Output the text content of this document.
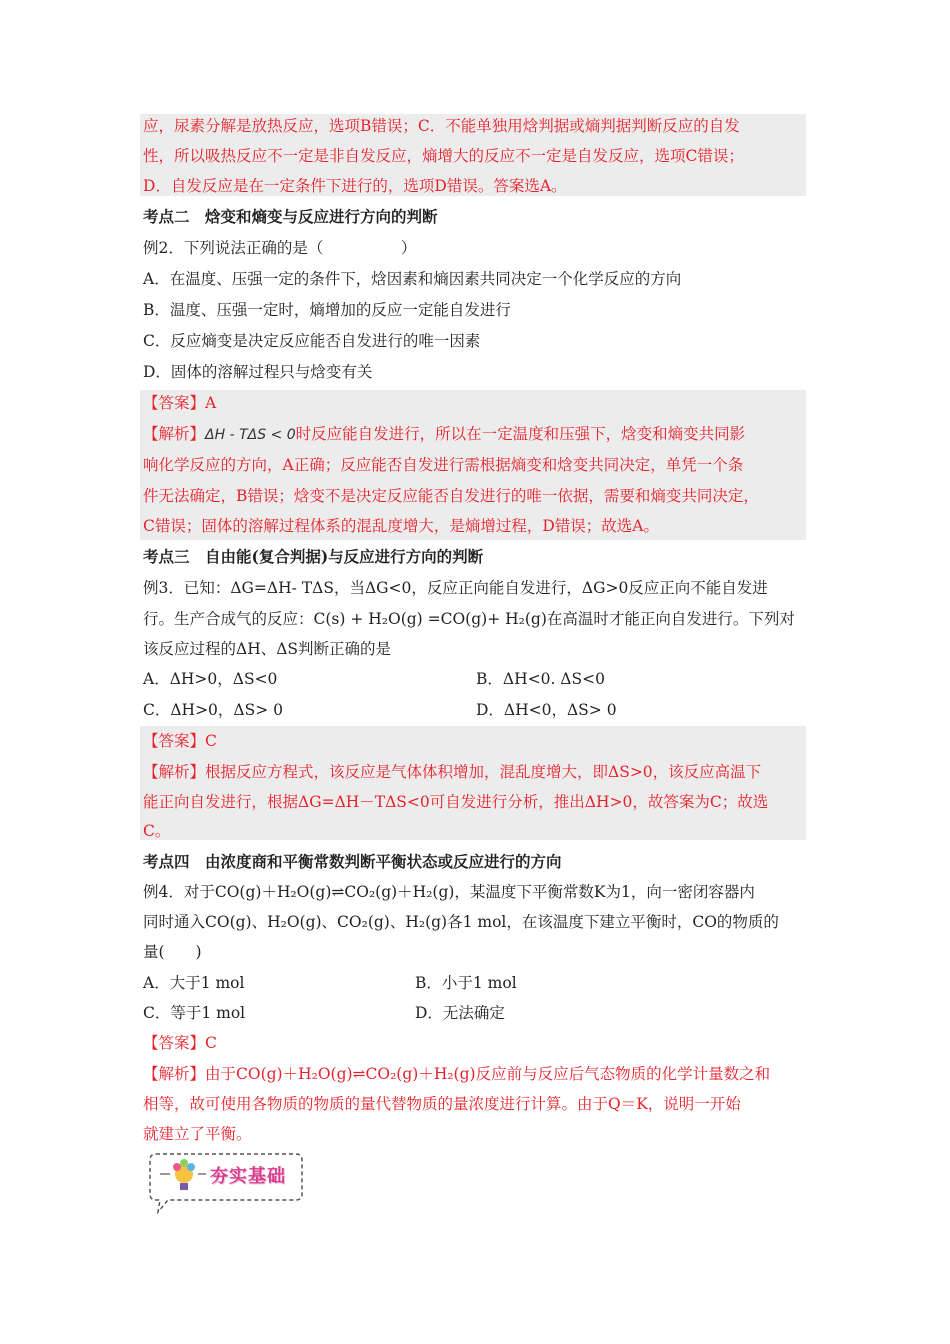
应，尿素分解是放热反应，选项B错误；C．不能单独用焓判据或熵判据判断反应的自发
性，所以吸热反应不一定是非自发反应，熵增大的反应不一定是自发反应，选项C错误；
D．自发反应是在一定条件下进行的，选项D错误。答案选A。
考点二　焓变和熵变与反应进行方向的判断
例2．下列说法正确的是（　　　　　）
A．在温度、压强一定的条件下，焓因素和熵因素共同决定一个化学反应的方向
B．温度、压强一定时，熵增加的反应一定能自发进行
C．反应熵变是决定反应能否自发进行的唯一因素
D．固体的溶解过程只与焓变有关
【答案】A
【解析】ΔH - TΔS < 0时反应能自发进行，所以在一定温度和压强下，焓变和熵变共同影
响化学反应的方向，A正确；反应能否自发进行需根据熵变和焓变共同决定，单凭一个条
件无法确定，B错误；焓变不是决定反应能否自发进行的唯一依据，需要和熵变共同决定，
C错误；固体的溶解过程体系的混乱度增大，是熵增过程，D错误；故选A。
考点三　自由能(复合判据)与反应进行方向的判断
例3．已知：ΔG=ΔH- TΔS，当ΔG<0，反应正向能自发进行，ΔG>0反应正向不能自发进
行。生产合成气的反应：C(s) + H₂O(g) =CO(g)+ H₂(g)在高温时才能正向自发进行。下列对
该反应过程的ΔH、ΔS判断正确的是
A．ΔH>0，ΔS<0	B．ΔH<0. ΔS<0
C．ΔH>0，ΔS> 0	D．ΔH<0，ΔS> 0
【答案】C
【解析】根据反应方程式，该反应是气体体积增加，混乱度增大，即ΔS>0，该反应高温下
能正向自发进行，根据ΔG=ΔH－TΔS<0可自发进行分析，推出ΔH>0，故答案为C；故选
C。
考点四　由浓度商和平衡常数判断平衡状态或反应进行的方向
例4．对于CO(g)＋H₂O(g)⇌CO₂(g)＋H₂(g)，某温度下平衡常数K为1，向一密闭容器内
同时通入CO(g)、H₂O(g)、CO₂(g)、H₂(g)各1 mol，在该温度下建立平衡时，CO的物质的
量(　　)
A．大于1 mol	B．小于1 mol
C．等于1 mol	D．无法确定
【答案】C
【解析】由于CO(g)＋H₂O(g)⇌CO₂(g)＋H₂(g)反应前与反应后气态物质的化学计量数之和
相等，故可使用各物质的物质的量代替物质的量浓度进行计算。由于Q＝K，说明一开始
就建立了平衡。
夯实基础
